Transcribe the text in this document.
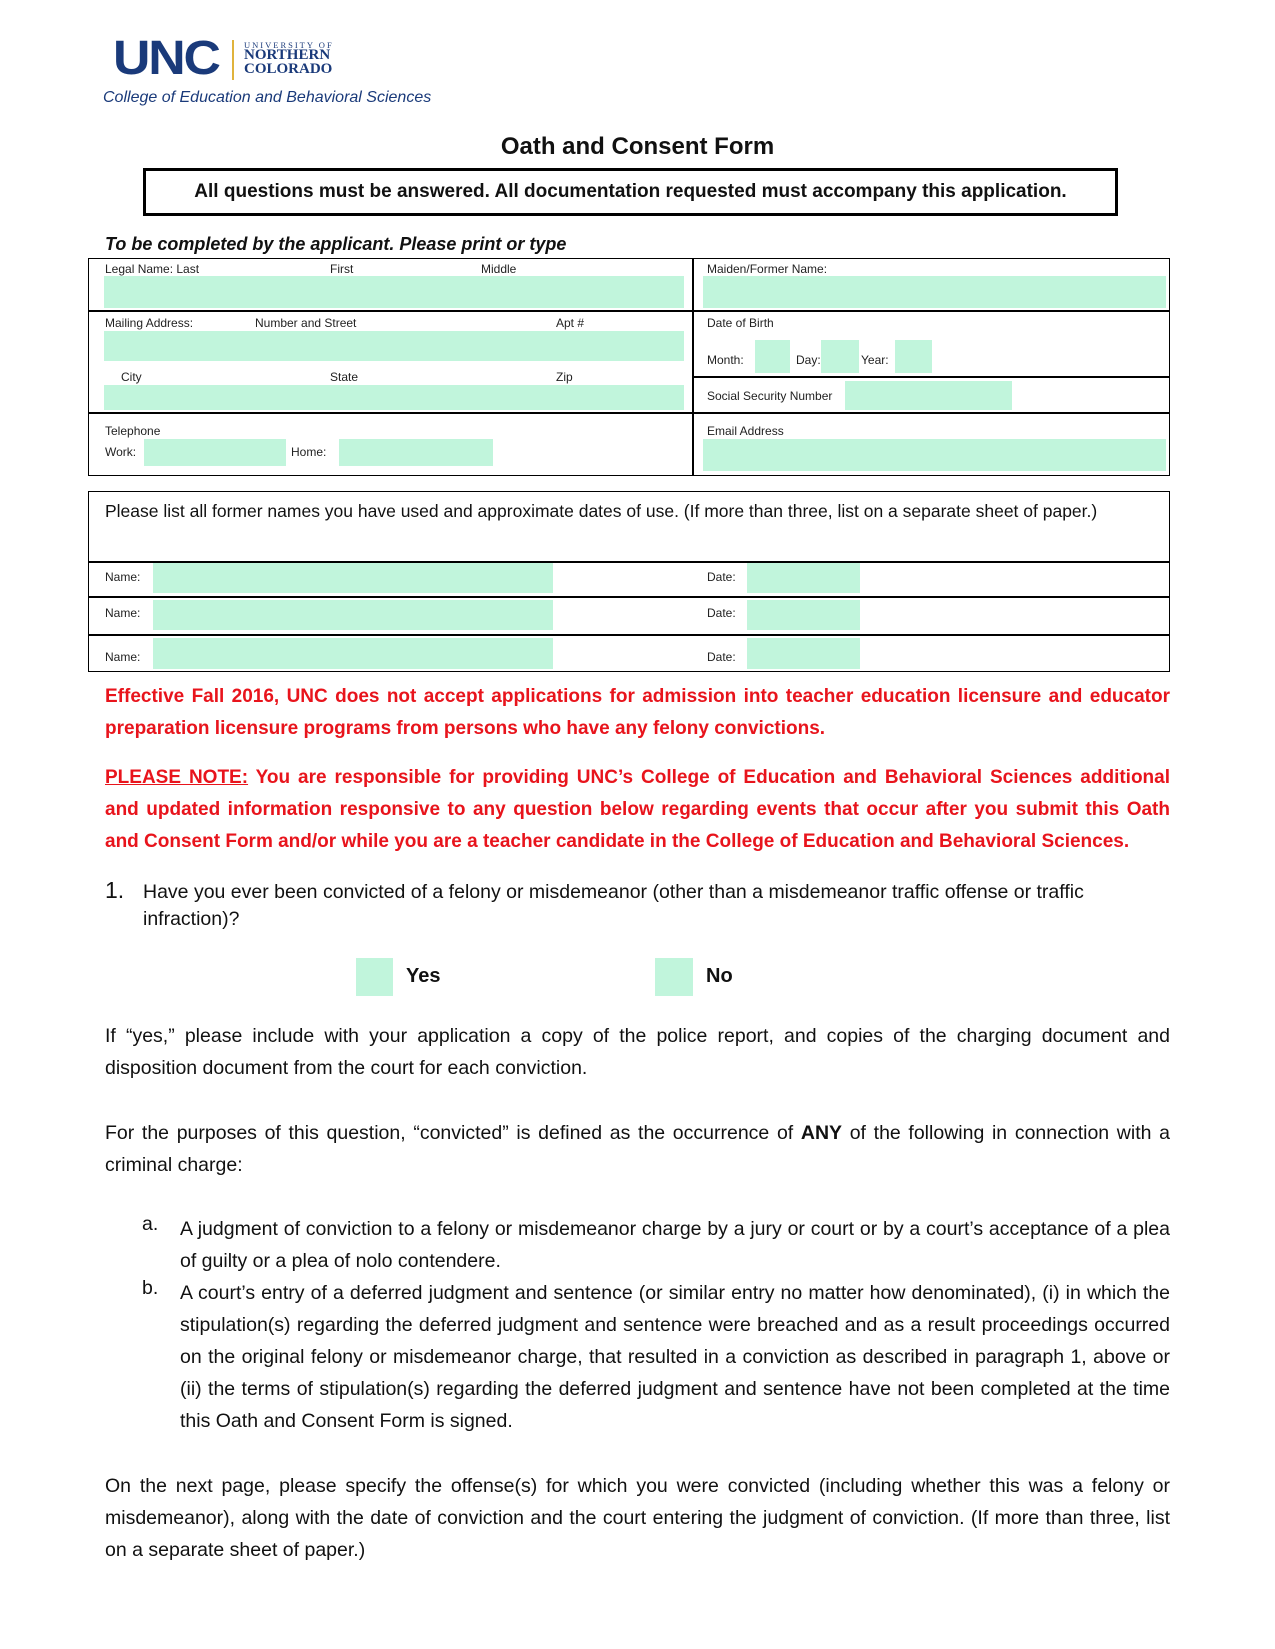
UNC	UNIVERSITY OF
NORTHERN
COLORADO
College of Education and Behavioral Sciences
Oath and Consent Form
All questions must be answered. All documentation requested must accompany this application.
To be completed by the applicant. Please print or type
Legal Name: Last	First	Middle	Maiden/Former Name:
Mailing Address:	Number and Street	Apt #
City	State	Zip
Date of Birth
Month:	Day:	Year:
Social Security Number
Telephone
Work:	Home:
Email Address
Please list all former names you have used and approximate dates of use. (If more than three, list on a separate sheet of paper.)
Name:	Date:
Name:	Date:
Name:	Date:
Effective Fall 2016, UNC does not accept applications for admission into teacher education licensure and educator preparation licensure programs from persons who have any felony convictions.
PLEASE NOTE: You are responsible for providing UNC’s College of Education and Behavioral Sciences additional and updated information responsive to any question below regarding events that occur after you submit this Oath and Consent Form and/or while you are a teacher candidate in the College of Education and Behavioral Sciences.
1. Have you ever been convicted of a felony or misdemeanor (other than a misdemeanor traffic offense or traffic infraction)?
Yes	No
If “yes,” please include with your application a copy of the police report, and copies of the charging document and disposition document from the court for each conviction.
For the purposes of this question, “convicted” is defined as the occurrence of ANY of the following in connection with a criminal charge:
a. A judgment of conviction to a felony or misdemeanor charge by a jury or court or by a court’s acceptance of a plea of guilty or a plea of nolo contendere.
b. A court’s entry of a deferred judgment and sentence (or similar entry no matter how denominated), (i) in which the stipulation(s) regarding the deferred judgment and sentence were breached and as a result proceedings occurred on the original felony or misdemeanor charge, that resulted in a conviction as described in paragraph 1, above or (ii) the terms of stipulation(s) regarding the deferred judgment and sentence have not been completed at the time this Oath and Consent Form is signed.
On the next page, please specify the offense(s) for which you were convicted (including whether this was a felony or misdemeanor), along with the date of conviction and the court entering the judgment of conviction. (If more than three, list on a separate sheet of paper.)
